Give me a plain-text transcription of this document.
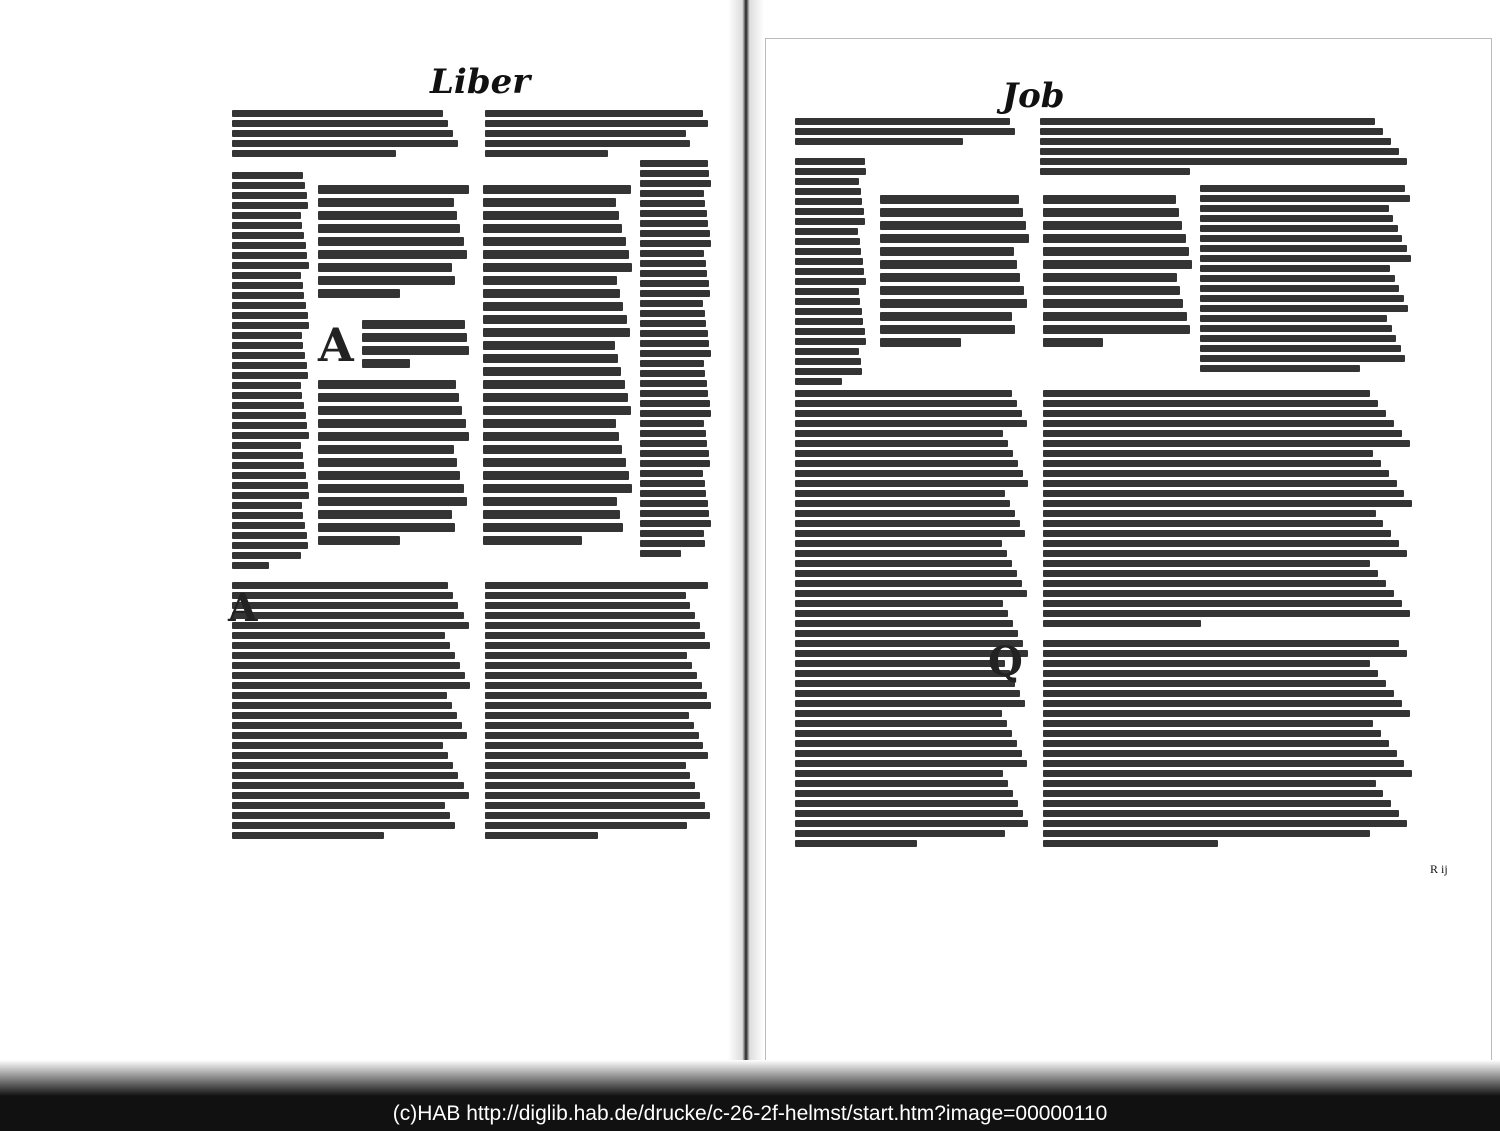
Liber	Job
A
A
Q
R ij
(c)HAB http://diglib.hab.de/drucke/c-26-2f-helmst/start.htm?image=00000110
